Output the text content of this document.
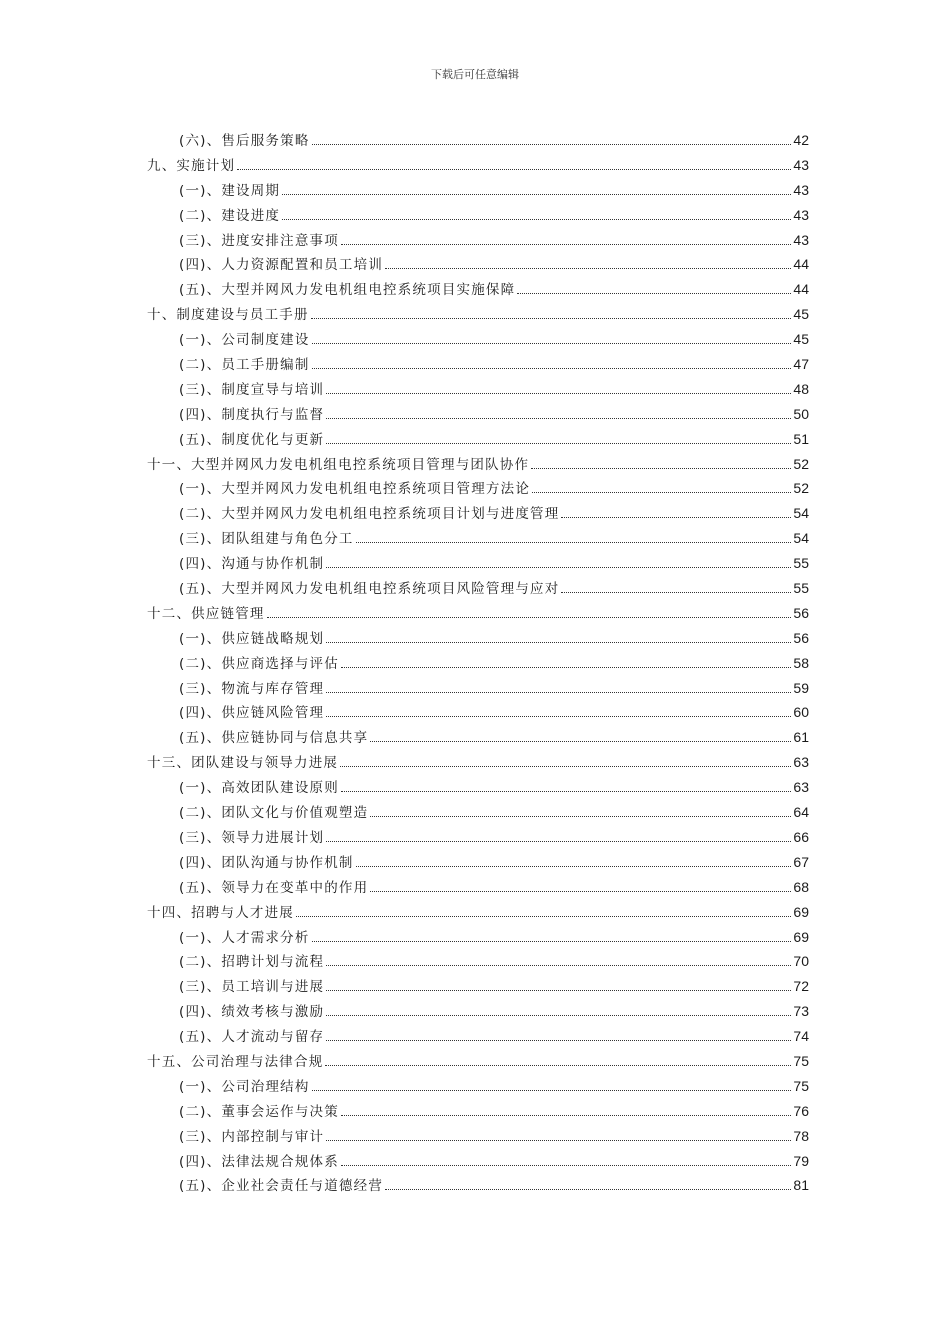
下载后可任意编辑
(六)、售后服务策略	42
九、实施计划	43
(一)、建设周期	43
(二)、建设进度	43
(三)、进度安排注意事项	43
(四)、人力资源配置和员工培训	44
(五)、大型并网风力发电机组电控系统项目实施保障	44
十、制度建设与员工手册	45
(一)、公司制度建设	45
(二)、员工手册编制	47
(三)、制度宣导与培训	48
(四)、制度执行与监督	50
(五)、制度优化与更新	51
十一、大型并网风力发电机组电控系统项目管理与团队协作	52
(一)、大型并网风力发电机组电控系统项目管理方法论	52
(二)、大型并网风力发电机组电控系统项目计划与进度管理	54
(三)、团队组建与角色分工	54
(四)、沟通与协作机制	55
(五)、大型并网风力发电机组电控系统项目风险管理与应对	55
十二、供应链管理	56
(一)、供应链战略规划	56
(二)、供应商选择与评估	58
(三)、物流与库存管理	59
(四)、供应链风险管理	60
(五)、供应链协同与信息共享	61
十三、团队建设与领导力进展	63
(一)、高效团队建设原则	63
(二)、团队文化与价值观塑造	64
(三)、领导力进展计划	66
(四)、团队沟通与协作机制	67
(五)、领导力在变革中的作用	68
十四、招聘与人才进展	69
(一)、人才需求分析	69
(二)、招聘计划与流程	70
(三)、员工培训与进展	72
(四)、绩效考核与激励	73
(五)、人才流动与留存	74
十五、公司治理与法律合规	75
(一)、公司治理结构	75
(二)、董事会运作与决策	76
(三)、内部控制与审计	78
(四)、法律法规合规体系	79
(五)、企业社会责任与道德经营	81
